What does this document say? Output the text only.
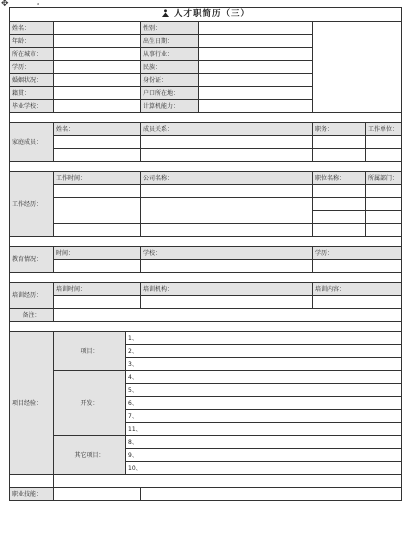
✥	ₐ
人才职简历（三）						
姓名：			性别：			
年龄：			出生日期：			
所在城市：			从事行业：			
学历：			民族：			
婚姻状况：			身份证：			
籍贯：			户口所在地：			
毕业学校：			计算机能力：			

家庭成员：	姓名：		成员关系：		职务：	工作单位：

工作经历：	工作时间：		公司名称：		职位名称：	所属部门：

教育情况：	时间：		学校：		学历：	

培训经历：	培训时间：		培训机构：		培训内容：	

备注：						

项目经验：	项目：	1、				
		2、				
		3、				
	开发：	4、				
		5、				
		6、				
		7、				
		11、				
	其它项目：	8、				
		9、				
		10、				

职业技能：						
